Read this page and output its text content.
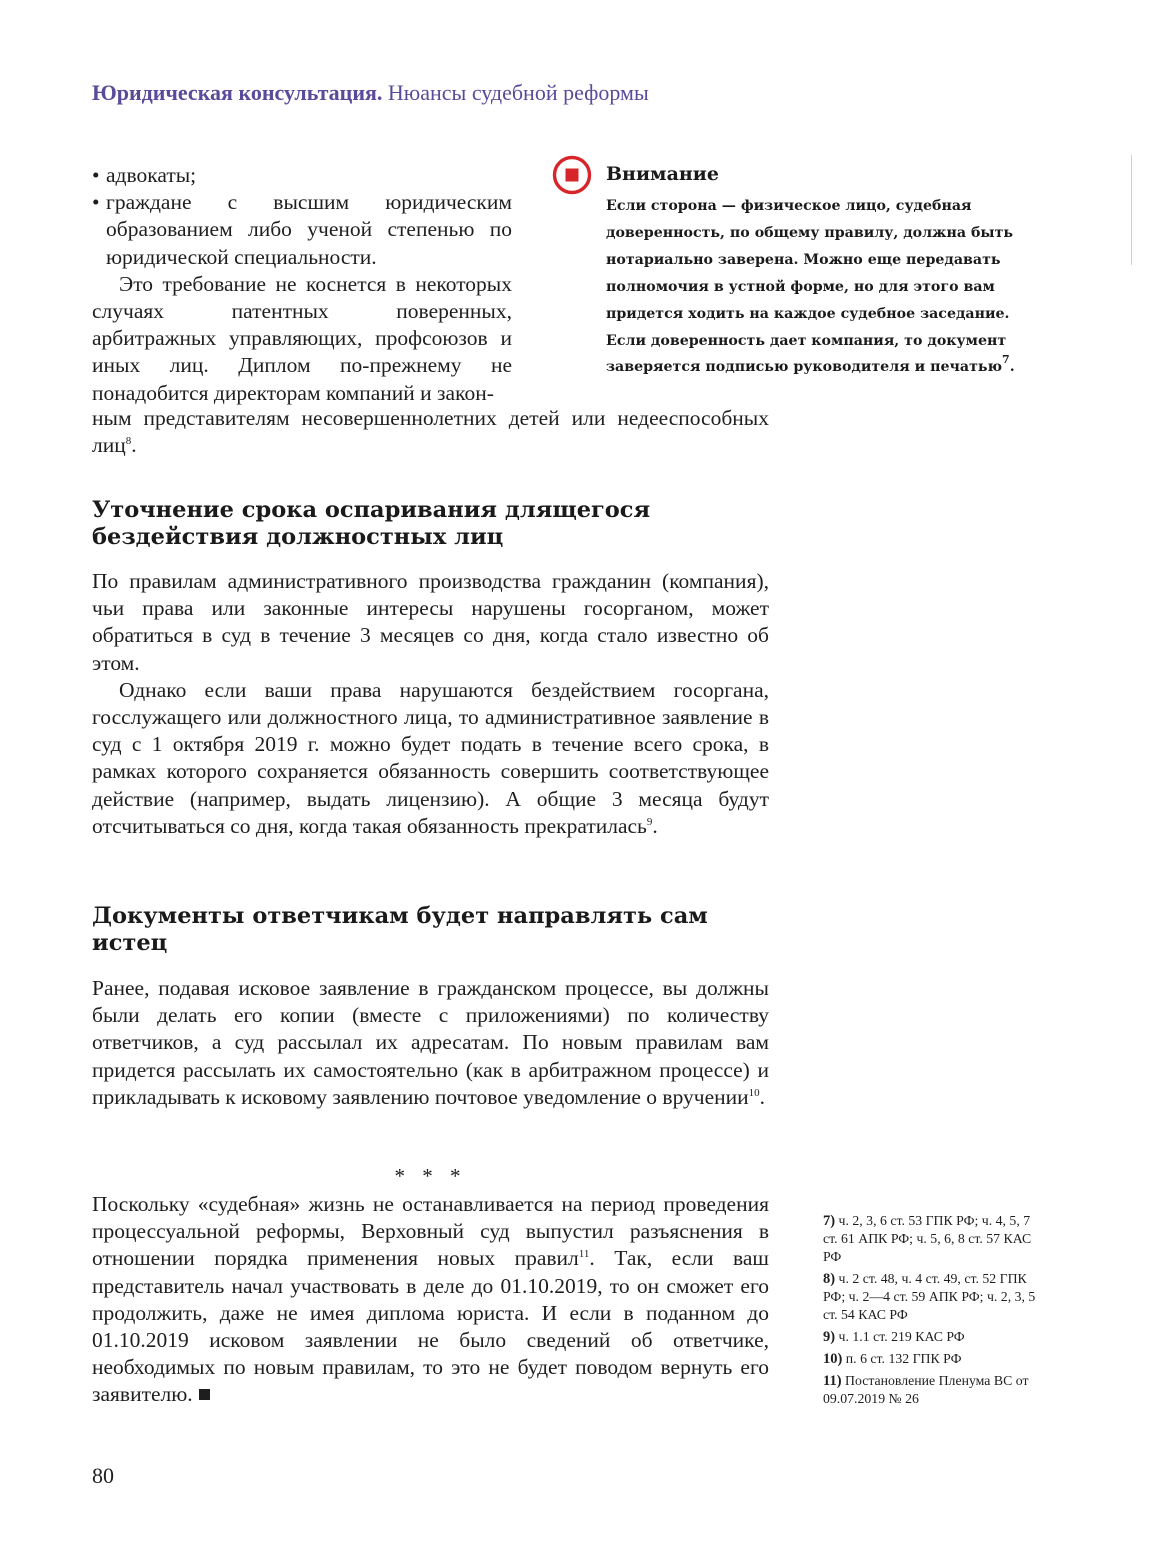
Юридическая консультация. Нюансы судебной реформы
• адвокаты;
• граждане с высшим юридическим образованием либо ученой степенью по юридической специальности.

Это требование не коснется в некоторых случаях патентных поверенных, арбитражных управляющих, профсоюзов и иных лиц. Диплом по-прежнему не понадобится директорам компаний и закон-

ным представителям несовершеннолетних детей или недееспособных лиц$^8$.

Внимание

Если сторона — физическое лицо, судебная доверенность, по общему правилу, должна быть нотариально заверена. Можно еще передавать полномочия в устной форме, но для этого вам придется ходить на каждое судебное заседание. Если доверенность дает компания, то документ заверяется подписью руководителя и печатью$^7$.

Уточнение срока оспаривания длящегося бездействия должностных лиц

По правилам административного производства гражданин (компания), чьи права или законные интересы нарушены госорганом, может обратиться в суд в течение 3 месяцев со дня, когда стало известно об этом.

Однако если ваши права нарушаются бездействием госоргана, госслужащего или должностного лица, то административное заявление в суд с 1 октября 2019 г. можно будет подать в течение всего срока, в рамках которого сохраняется обязанность совершить соответствующее действие (например, выдать лицензию). А общие 3 месяца будут отсчитываться со дня, когда такая обязанность прекратилась$^9$.

Документы ответчикам будет направлять сам истец

Ранее, подавая исковое заявление в гражданском процессе, вы должны были делать его копии (вместе с приложениями) по количеству ответчиков, а суд рассылал их адресатам. По новым правилам вам придется рассылать их самостоятельно (как в арбитражном процессе) и прикладывать к исковому заявлению почтовое уведомление о вручении$^{10}$.

* * *

Поскольку «судебная» жизнь не останавливается на период проведения процессуальной реформы, Верховный суд выпустил разъяснения в отношении порядка применения новых правил$^{11}$. Так, если ваш представитель начал участвовать в деле до 01.10.2019, то он сможет его продолжить, даже не имея диплома юриста. И если в поданном до 01.10.2019 исковом заявлении не было сведений об ответчике, необходимых по новым правилам, то это не будет поводом вернуть его заявителю.

7) ч. 2, 3, 6 ст. 53 ГПК РФ; ч. 4, 5, 7 ст. 61 АПК РФ; ч. 5, 6, 8 ст. 57 КАС РФ

8) ч. 2 ст. 48, ч. 4 ст. 49, ст. 52 ГПК РФ; ч. 2—4 ст. 59 АПК РФ; ч. 2, 3, 5 ст. 54 КАС РФ

9) ч. 1.1 ст. 219 КАС РФ

10) п. 6 ст. 132 ГПК РФ

11) Постановление Пленума ВС от 09.07.2019 № 26

80
